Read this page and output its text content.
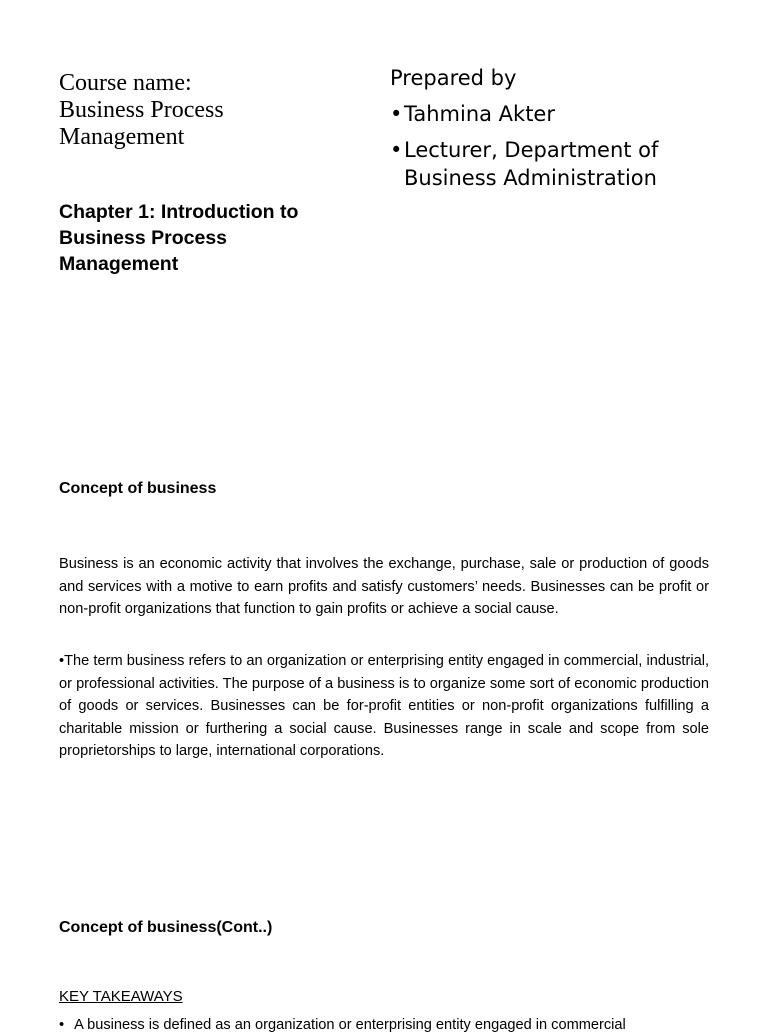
Course name:
Business Process
Management
Prepared by
• Tahmina Akter
• Lecturer, Department of Business Administration
Chapter 1: Introduction to Business Process Management
Concept of business
Business is an economic activity that involves the exchange, purchase, sale or production of goods and services with a motive to earn profits and satisfy customers’ needs. Businesses can be profit or non-profit organizations that function to gain profits or achieve a social cause.
•The term business refers to an organization or enterprising entity engaged in commercial, industrial, or professional activities. The purpose of a business is to organize some sort of economic production of goods or services. Businesses can be for-profit entities or non-profit organizations fulfilling a charitable mission or furthering a social cause. Businesses range in scale and scope from sole proprietorships to large, international corporations.
Concept of business(Cont..)
KEY TAKEAWAYS
• A business is defined as an organization or enterprising entity engaged in commercial
